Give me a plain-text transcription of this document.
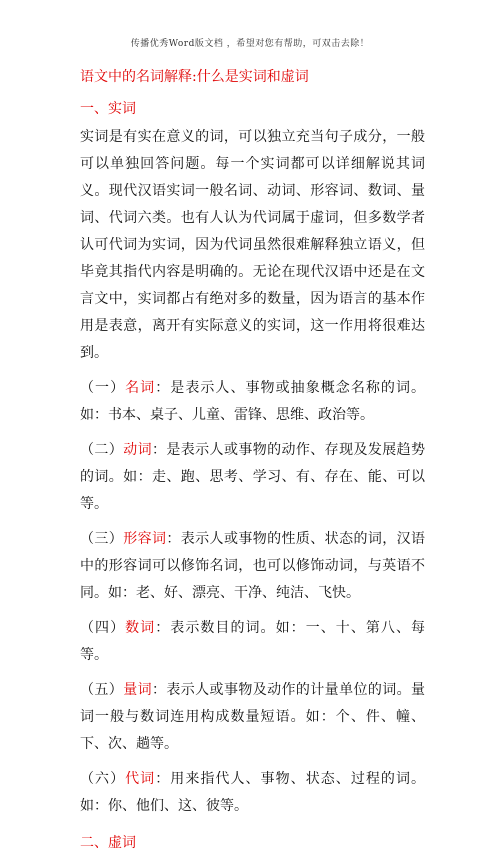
传播优秀Word版文档 ，希望对您有帮助，可双击去除！
语文中的名词解释:什么是实词和虚词
一、实词

实词是有实在意义的词，可以独立充当句子成分，一般可以单独回答问题。每一个实词都可以详细解说其词义。现代汉语实词一般名词、动词、形容词、数词、量词、代词六类。也有人认为代词属于虚词，但多数学者认可代词为实词，因为代词虽然很难解释独立语义，但毕竟其指代内容是明确的。无论在现代汉语中还是在文言文中，实词都占有绝对多的数量，因为语言的基本作用是表意，离开有实际意义的实词，这一作用将很难达到。

（一）名词：是表示人、事物或抽象概念名称的词。如：书本、桌子、儿童、雷锋、思维、政治等。

（二）动词：是表示人或事物的动作、存现及发展趋势的词。如：走、跑、思考、学习、有、存在、能、可以等。

（三）形容词：表示人或事物的性质、状态的词，汉语中的形容词可以修饰名词，也可以修饰动词，与英语不同。如：老、好、漂亮、干净、纯洁、飞快。

（四）数词：表示数目的词。如：一、十、第八、每等。

（五）量词：表示人或事物及动作的计量单位的词。量词一般与数词连用构成数量短语。如：个、件、幢、下、次、趟等。

（六）代词：用来指代人、事物、状态、过程的词。如：你、他们、这、彼等。

二、虚词
